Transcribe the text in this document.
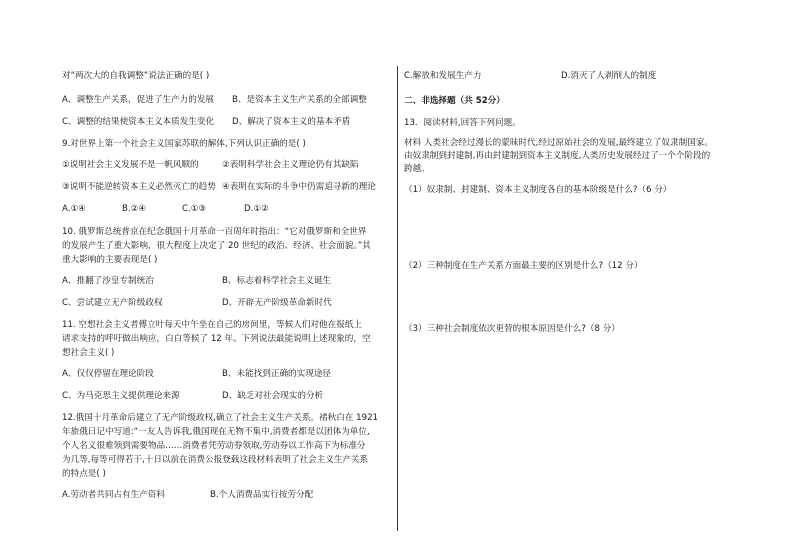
对“两次大的自我调整”说法正确的是( )
A、调整生产关系，促进了生产力的发展 B、是资本主义生产关系的全部调整
C、调整的结果使资本主义本质发生变化 D、解决了资本主义的基本矛盾
9.对世界上第一个社会主义国家苏联的解体,下列认识正确的是( )
①说明社会主义发展不是一帆风顺的	②表明科学社会主义理论仍有其缺陷
③说明不能逆转资本主义必然灭亡的趋势 ④表明在实际的斗争中仍需追寻新的理论
A.①④	B.②④	C.①③	D.①②
10. 俄罗斯总统普京在纪念俄国十月革命一百周年时指出：“它对俄罗斯和全世界
的发展产生了重大影响，很大程度上决定了 20 世纪的政治、经济、社会面貌。”其
重大影响的主要表现是( )
A、推翻了沙皇专制统治	B、标志着科学社会主义诞生
C、尝试建立无产阶级政权	D、开辟无产阶级革命新时代
11. 空想社会主义者傅立叶每天中午坐在自己的房间里，等候人们对他在报纸上
请求支持的呼吁做出响应，白白等候了 12 年。下列说法最能说明上述现象的，空
想社会主义( )
A、仅仅停留在理论阶段	B、未能找到正确的实现途径
C、为马克思主义提供理论来源	D、缺乏对社会现实的分析
12.俄国十月革命后建立了无产阶级政权,确立了社会主义生产关系。褚秋白在 1921
年旅俄日记中写道:“一友人告诉我,俄国现在无物不集中,消费者都是以团体为单位,
个人名义很难领到需要物品……消费者凭劳动券领取,劳动券以工作高下为标准分
为几等,每等可得若干,十日以前在消费公报登载这段材料表明了社会主义生产关系
的特点是( )
A.劳动者共同占有生产资料	B.个人消费品实行按劳分配
C.解放和发展生产力	D.消灭了人剥削人的制度
二、非选择题（共 52分）
13．阅读材料,回答下列问题。
材料 人类社会经过漫长的蒙昧时代,经过原始社会的发展,最终建立了奴隶制国家。
由奴隶制到封建制,再由封建制到资本主义制度,人类历史发展经过了一个个阶段的
跨越。
（1）奴隶制、封建制、资本主义制度各自的基本阶级是什么?（6 分）
（2）三种制度在生产关系方面最主要的区别是什么?（12 分）
（3）三种社会制度依次更替的根本原因是什么?（8 分）
